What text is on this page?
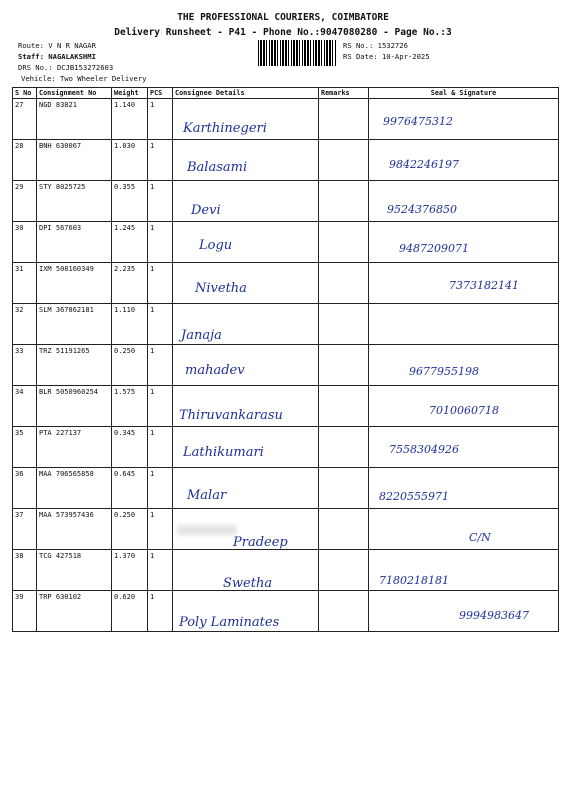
THE PROFESSIONAL COURIERS, COIMBATORE
Delivery Runsheet - P41 - Phone No.:9047080280 - Page No.:3
Route: V N R NAGAR
Staff: NAGALAKSHMI
DRS No.: DCJB153272603
Vehicle: Two Wheeler Delivery
RS No.: 1532726
RS Date: 10-Apr-2025
S No	Consignment No	Weight	PCS	Consignee Details	Remarks	Seal & Signature
27	NGD 83821	1.140	1	Karthinegeri		9976475312

28	BNH 630067	1.030	1	Balasami		9842246197

29	STY 8025725	0.355	1	Devi		9524376850

30	DPI 567603	1.245	1	Logu		9487209071

31	IXM 508160349	2.235	1	Nivetha		7373182141

32	SLM 367862181	1.110	1	Janaja		

33	TRZ 51191265	0.250	1	mahadev		9677955198

34	BLR 5050960254	1.575	1	Thiruvankarasu		7010060718

35	PTA 227137	0.345	1	Lathikumari		7558304926

36	MAA 706565858	0.645	1	Malar		8220555971

37	MAA 573957436	0.250	1	Pradeep		C/N

38	TCG 427518	1.370	1	Swetha		7180218181

39	TRP 630102	0.620	1	Poly Laminates		9994983647
